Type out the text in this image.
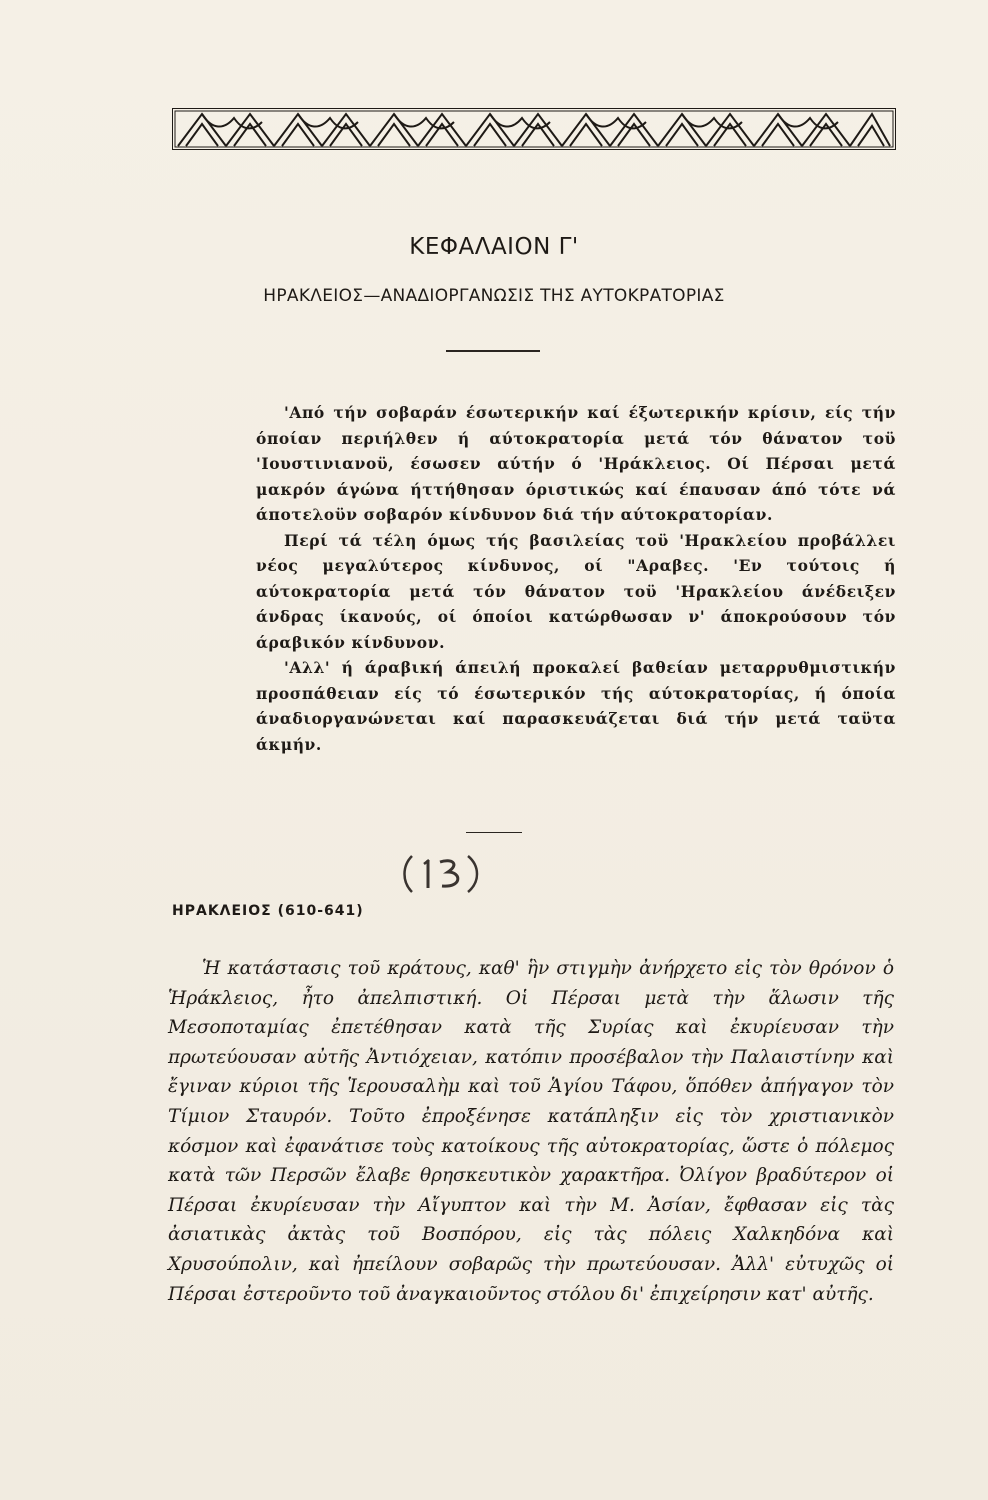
ΚΕΦΑΛΑΙΟΝ Γ'
ΗΡΑΚΛΕΙΟΣ—ΑΝΑΔΙΟΡΓΑΝΩΣΙΣ ΤΗΣ ΑΥΤΟΚΡΑΤΟΡΙΑΣ

'Από τήν σοβαράν έσωτερικήν καί έξωτερικήν κρίσιν, είς τήν όποίαν περιήλθεν ή αύτοκρατορία μετά τόν θάνατον τοϋ 'Ιουστινιανοϋ, έσωσεν αύτήν ό 'Ηράκλειος. Οί Πέρσαι μετά μακρόν άγώνα ήττήθησαν όριστικώς καί έπαυσαν άπό τότε νά άποτελοϋν σοβαρόν κίνδυνον διά τήν αύτοκρατορίαν.

Περί τά τέλη όμως τής βασιλείας τοϋ 'Ηρακλείου προβάλλει νέος μεγαλύτερος κίνδυνος, οί "Αραβες. 'Εν τούτοις ή αύτοκρατορία μετά τόν θάνατον τοϋ 'Ηρακλείου άνέδειξεν άνδρας ίκανούς, οί όποίοι κατώρθωσαν ν' άποκρούσουν τόν άραβικόν κίνδυνον.

'Αλλ' ή άραβική άπειλή προκαλεί βαθείαν μεταρρυθμιστικήν προσπάθειαν είς τό έσωτερικόν τής αύτοκρατορίας, ή όποία άναδιοργανώνεται καί παρασκευάζεται διά τήν μετά ταϋτα άκμήν.

ΗΡΑΚΛΕΙΟΣ (610-641)

Ἡ κατάστασις τοῦ κράτους, καθ' ἣν στιγμὴν ἀνήρχετο εἰς τὸν θρόνον ὁ Ἡράκλειος, ἦτο ἀπελπιστική. Οἱ Πέρσαι μετὰ τὴν ἅλωσιν τῆς Μεσοποταμίας ἐπετέθησαν κατὰ τῆς Συρίας καὶ ἐκυρίευσαν τὴν πρωτεύουσαν αὐτῆς Ἀντιόχειαν, κατόπιν προσέβαλον τὴν Παλαιστίνην καὶ ἔγιναν κύριοι τῆς Ἱερουσαλὴμ καὶ τοῦ Ἁγίου Τάφου, ὅπόθεν ἀπήγαγον τὸν Τίμιον Σταυρόν. Τοῦτο ἐπροξένησε κατάπληξιν εἰς τὸν χριστιανικὸν κόσμον καὶ ἐφανάτισε τοὺς κατοίκους τῆς αὐτοκρατορίας, ὥστε ὁ πόλεμος κατὰ τῶν Περσῶν ἔλαβε θρησκευτικὸν χαρακτῆρα. Ὀλίγον βραδύτερον οἱ Πέρσαι ἐκυρίευσαν τὴν Αἴγυπτον καὶ τὴν Μ. Ἀσίαν, ἔφθασαν εἰς τὰς ἀσιατικὰς ἀκτὰς τοῦ Βοσπόρου, εἰς τὰς πόλεις Χαλκηδόνα καὶ Χρυσούπολιν, καὶ ἠπείλουν σοβαρῶς τὴν πρωτεύουσαν. Ἀλλ' εὐτυχῶς οἱ Πέρσαι ἐστεροῦντο τοῦ ἀναγκαιοῦντος στόλου δι' ἐπιχείρησιν κατ' αὐτῆς.
